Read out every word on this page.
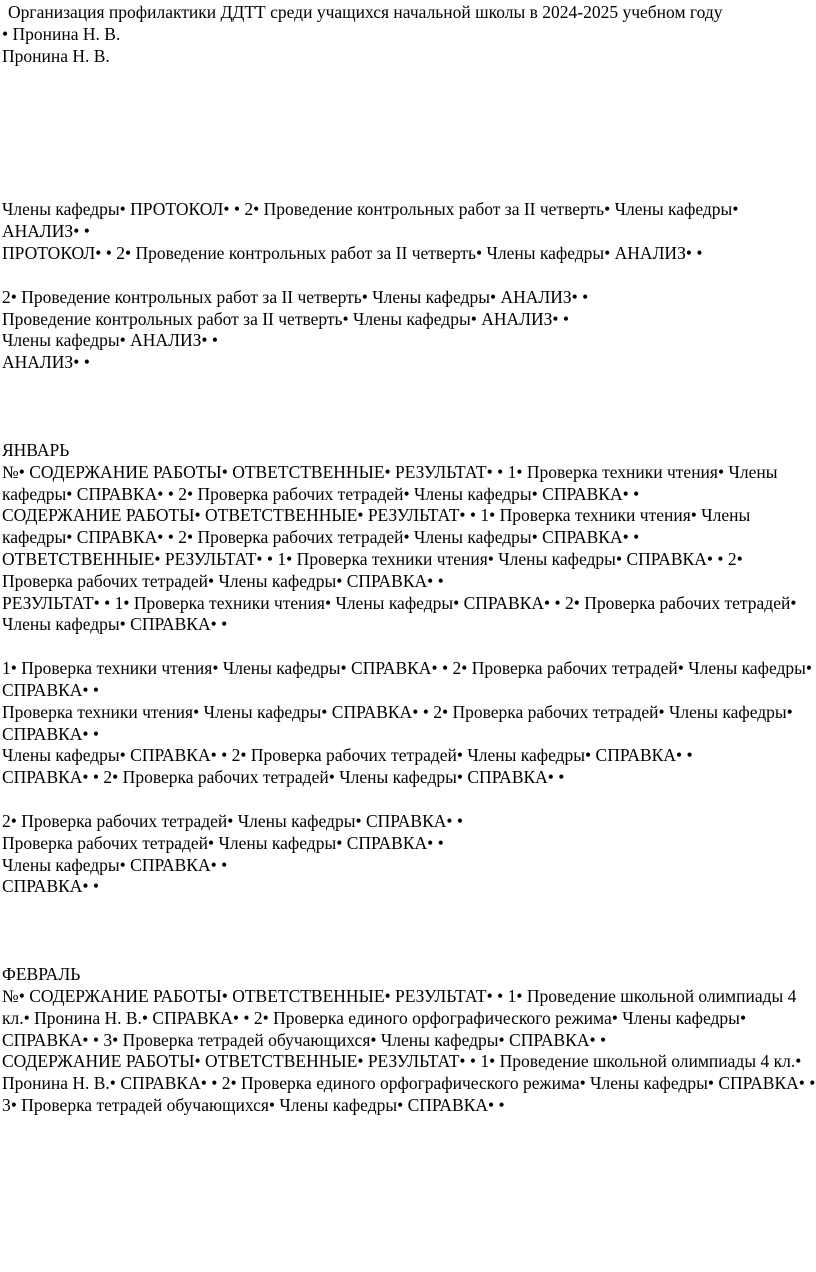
Организация профилактики ДДТТ среди учащихся начальной школы в 2024-2025 учебном году

• Пронина Н. В.

Пронина Н. В.

Члены кафедры• ПРОТОКОЛ• • 2• Проведение контрольных работ за II четверть• Члены кафедры• АНАЛИЗ• •

ПРОТОКОЛ• • 2• Проведение контрольных работ за II четверть• Члены кафедры• АНАЛИЗ• •

2• Проведение контрольных работ за II четверть• Члены кафедры• АНАЛИЗ• •

Проведение контрольных работ за II четверть• Члены кафедры• АНАЛИЗ• •

Члены кафедры• АНАЛИЗ• •

АНАЛИЗ• •

ЯНВАРЬ

№• СОДЕРЖАНИЕ РАБОТЫ• ОТВЕТСТВЕННЫЕ• РЕЗУЛЬТАТ• • 1• Проверка техники чтения• Члены кафедры• СПРАВКА• • 2• Проверка рабочих тетрадей• Члены кафедры• СПРАВКА• •

СОДЕРЖАНИЕ РАБОТЫ• ОТВЕТСТВЕННЫЕ• РЕЗУЛЬТАТ• • 1• Проверка техники чтения• Члены кафедры• СПРАВКА• • 2• Проверка рабочих тетрадей• Члены кафедры• СПРАВКА• •

ОТВЕТСТВЕННЫЕ• РЕЗУЛЬТАТ• • 1• Проверка техники чтения• Члены кафедры• СПРАВКА• • 2• Проверка рабочих тетрадей• Члены кафедры• СПРАВКА• •

РЕЗУЛЬТАТ• • 1• Проверка техники чтения• Члены кафедры• СПРАВКА• • 2• Проверка рабочих тетрадей• Члены кафедры• СПРАВКА• •

1• Проверка техники чтения• Члены кафедры• СПРАВКА• • 2• Проверка рабочих тетрадей• Члены кафедры• СПРАВКА• •

Проверка техники чтения• Члены кафедры• СПРАВКА• • 2• Проверка рабочих тетрадей• Члены кафедры• СПРАВКА• •

Члены кафедры• СПРАВКА• • 2• Проверка рабочих тетрадей• Члены кафедры• СПРАВКА• •

СПРАВКА• • 2• Проверка рабочих тетрадей• Члены кафедры• СПРАВКА• •

2• Проверка рабочих тетрадей• Члены кафедры• СПРАВКА• •

Проверка рабочих тетрадей• Члены кафедры• СПРАВКА• •

Члены кафедры• СПРАВКА• •

СПРАВКА• •

ФЕВРАЛЬ

№• СОДЕРЖАНИЕ РАБОТЫ• ОТВЕТСТВЕННЫЕ• РЕЗУЛЬТАТ• • 1• Проведение школьной олимпиады 4 кл.• Пронина Н. В.• СПРАВКА• • 2• Проверка единого орфографического режима• Члены кафедры• СПРАВКА• • 3• Проверка тетрадей обучающихся• Члены кафедры• СПРАВКА• •

СОДЕРЖАНИЕ РАБОТЫ• ОТВЕТСТВЕННЫЕ• РЕЗУЛЬТАТ• • 1• Проведение школьной олимпиады 4 кл.• Пронина Н. В.• СПРАВКА• • 2• Проверка единого орфографического режима• Члены кафедры• СПРАВКА• • 3• Проверка тетрадей обучающихся• Члены кафедры• СПРАВКА• •
